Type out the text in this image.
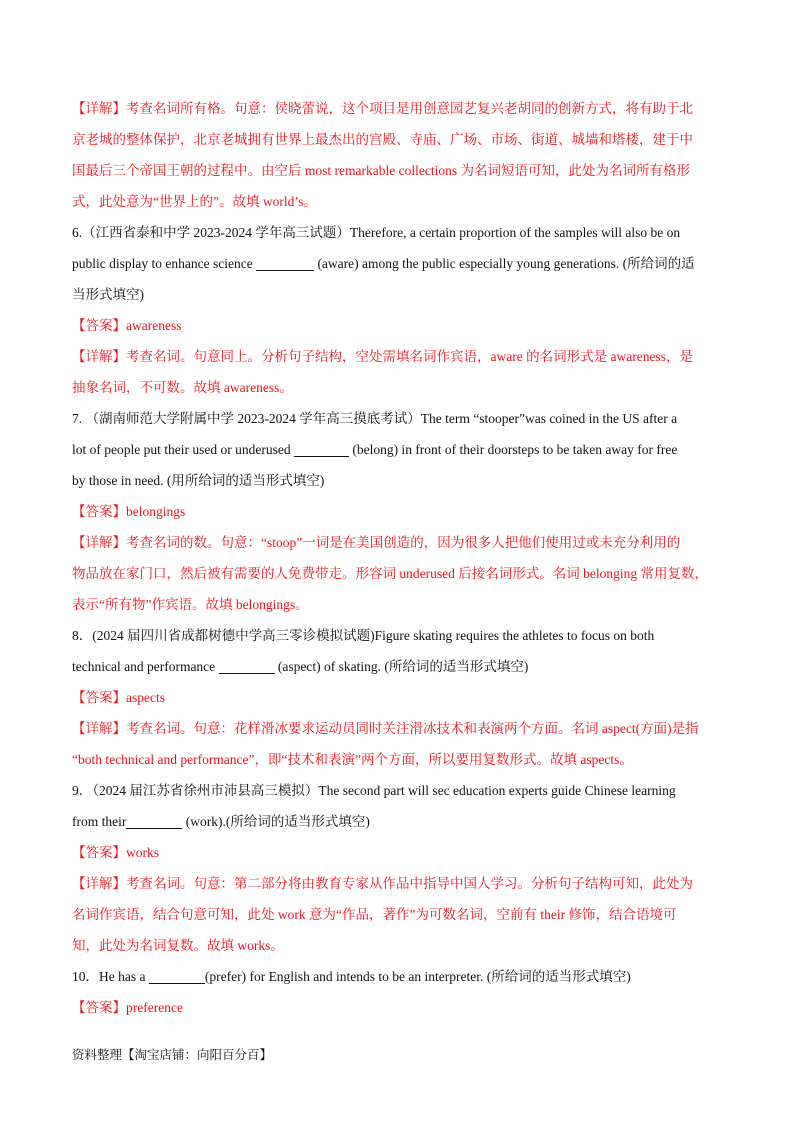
【详解】考查名词所有格。句意：侯晓蕾说，这个项目是用创意园艺复兴老胡同的创新方式，将有助于北
京老城的整体保护，北京老城拥有世界上最杰出的宫殿、寺庙、广场、市场、街道、城墙和塔楼，建于中
国最后三个帝国王朝的过程中。由空后 most remarkable collections 为名词短语可知，此处为名词所有格形
式，此处意为“世界上的”。故填 world’s。
6.（江西省泰和中学 2023-2024 学年高三试题）Therefore, a certain proportion of the samples will also be on
public display to enhance science	(aware) among the public especially young generations. (所给词的适
当形式填空)
【答案】awareness
【详解】考查名词。句意同上。分析句子结构，空处需填名词作宾语，aware 的名词形式是 awareness，是
抽象名词，不可数。故填 awareness。
7. （湖南师范大学附属中学 2023-2024 学年高三摸底考试）The term “stooper”was coined in the US after a
lot of people put their used or underused	(belong) in front of their doorsteps to be taken away for free
by those in need. (用所给词的适当形式填空)
【答案】belongings
【详解】考查名词的数。句意：“stoop”一词是在美国创造的，因为很多人把他们使用过或未充分利用的
物品放在家门口，然后被有需要的人免费带走。形容词 underused 后接名词形式。名词 belonging 常用复数，
表示“所有物”作宾语。故填 belongings。
8．(2024 届四川省成都树德中学高三零诊模拟试题)Figure skating requires the athletes to focus on both
technical and performance	(aspect) of skating. (所给词的适当形式填空)
【答案】aspects
【详解】考查名词。句意：花样滑冰要求运动员同时关注滑冰技术和表演两个方面。名词 aspect(方面)是指
“both technical and performance”，即“技术和表演”两个方面，所以要用复数形式。故填 aspects。
9．（2024 届江苏省徐州市沛县高三模拟）The second part will sec education experts guide Chinese learning
from their	(work).(所给词的适当形式填空)
【答案】works
【详解】考查名词。句意：第二部分将由教育专家从作品中指导中国人学习。分析句子结构可知，此处为
名词作宾语，结合句意可知，此处 work 意为“作品，著作”为可数名词，空前有 their 修饰，结合语境可
知，此处为名词复数。故填 works。
10．He has a	(prefer) for English and intends to be an interpreter. (所给词的适当形式填空)
【答案】preference
资料整理【淘宝店铺：向阳百分百】
